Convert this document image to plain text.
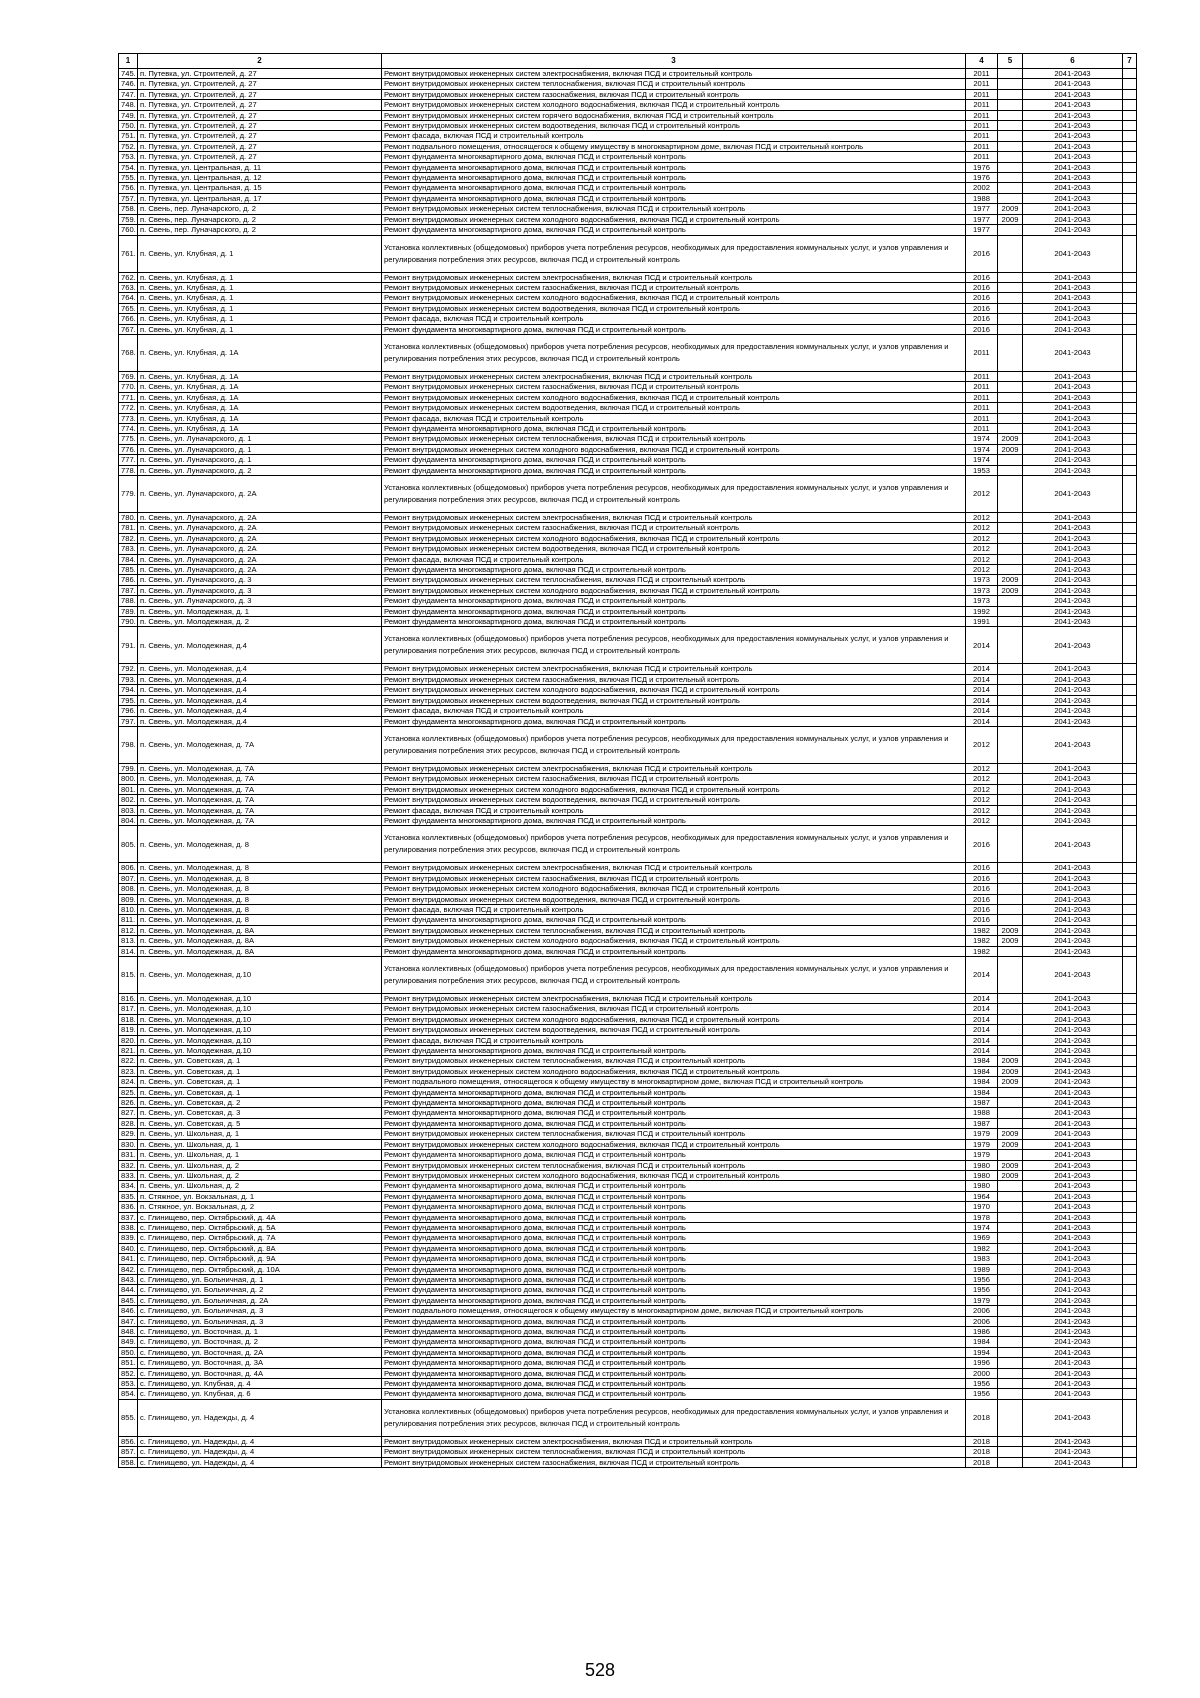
1	2	3	4	5	6	7
745.	п. Путевка, ул. Строителей, д. 27	Ремонт внутридомовых инженерных систем электроснабжения, включая ПСД и строительный контроль	2011		2041-2043	
746.	п. Путевка, ул. Строителей, д. 27	Ремонт внутридомовых инженерных систем теплоснабжения, включая ПСД и строительный контроль	2011		2041-2043	
747.	п. Путевка, ул. Строителей, д. 27	Ремонт внутридомовых инженерных систем газоснабжения, включая ПСД и строительный контроль	2011		2041-2043	
748.	п. Путевка, ул. Строителей, д. 27	Ремонт внутридомовых инженерных систем холодного водоснабжения, включая ПСД и строительный контроль	2011		2041-2043	
749.	п. Путевка, ул. Строителей, д. 27	Ремонт внутридомовых инженерных систем горячего водоснабжения, включая ПСД и строительный контроль	2011		2041-2043	
750.	п. Путевка, ул. Строителей, д. 27	Ремонт внутридомовых инженерных систем водоотведения, включая ПСД и строительный контроль	2011		2041-2043	
751.	п. Путевка, ул. Строителей, д. 27	Ремонт фасада, включая ПСД и строительный контроль	2011		2041-2043	
752.	п. Путевка, ул. Строителей, д. 27	Ремонт подвального помещения, относящегося к общему имуществу в многоквартирном доме, включая ПСД и строительный контроль	2011		2041-2043	
753.	п. Путевка, ул. Строителей, д. 27	Ремонт фундамента многоквартирного дома, включая ПСД и строительный контроль	2011		2041-2043	
754.	п. Путевка, ул. Центральная, д. 11	Ремонт фундамента многоквартирного дома, включая ПСД и строительный контроль	1976		2041-2043	
755.	п. Путевка, ул. Центральная, д. 12	Ремонт фундамента многоквартирного дома, включая ПСД и строительный контроль	1976		2041-2043	
756.	п. Путевка, ул. Центральная, д. 15	Ремонт фундамента многоквартирного дома, включая ПСД и строительный контроль	2002		2041-2043	
757.	п. Путевка, ул. Центральная, д. 17	Ремонт фундамента многоквартирного дома, включая ПСД и строительный контроль	1988		2041-2043	
758.	п. Свень, пер. Луначарского, д. 2	Ремонт внутридомовых инженерных систем теплоснабжения, включая ПСД и строительный контроль	1977	2009	2041-2043	
759.	п. Свень, пер. Луначарского, д. 2	Ремонт внутридомовых инженерных систем холодного водоснабжения, включая ПСД и строительный контроль	1977	2009	2041-2043	
760.	п. Свень, пер. Луначарского, д. 2	Ремонт фундамента многоквартирного дома, включая ПСД и строительный контроль	1977		2041-2043	
761.	п. Свень, ул. Клубная, д. 1	Установка коллективных (общедомовых) приборов учета потребления ресурсов, необходимых для предоставления коммунальных услуг, и узлов управления и регулирования потребления этих ресурсов, включая ПСД и строительный контроль	2016		2041-2043	
762.	п. Свень, ул. Клубная, д. 1	Ремонт внутридомовых инженерных систем электроснабжения, включая ПСД и строительный контроль	2016		2041-2043	
763.	п. Свень, ул. Клубная, д. 1	Ремонт внутридомовых инженерных систем газоснабжения, включая ПСД и строительный контроль	2016		2041-2043	
764.	п. Свень, ул. Клубная, д. 1	Ремонт внутридомовых инженерных систем холодного водоснабжения, включая ПСД и строительный контроль	2016		2041-2043	
765.	п. Свень, ул. Клубная, д. 1	Ремонт внутридомовых инженерных систем водоотведения, включая ПСД и строительный контроль	2016		2041-2043	
766.	п. Свень, ул. Клубная, д. 1	Ремонт фасада, включая ПСД и строительный контроль	2016		2041-2043	
767.	п. Свень, ул. Клубная, д. 1	Ремонт фундамента многоквартирного дома, включая ПСД и строительный контроль	2016		2041-2043	
768.	п. Свень, ул. Клубная, д. 1А	Установка коллективных (общедомовых) приборов учета потребления ресурсов, необходимых для предоставления коммунальных услуг, и узлов управления и регулирования потребления этих ресурсов, включая ПСД и строительный контроль	2011		2041-2043	
769.	п. Свень, ул. Клубная, д. 1А	Ремонт внутридомовых инженерных систем электроснабжения, включая ПСД и строительный контроль	2011		2041-2043	
770.	п. Свень, ул. Клубная, д. 1А	Ремонт внутридомовых инженерных систем газоснабжения, включая ПСД и строительный контроль	2011		2041-2043	
771.	п. Свень, ул. Клубная, д. 1А	Ремонт внутридомовых инженерных систем холодного водоснабжения, включая ПСД и строительный контроль	2011		2041-2043	
772.	п. Свень, ул. Клубная, д. 1А	Ремонт внутридомовых инженерных систем водоотведения, включая ПСД и строительный контроль	2011		2041-2043	
773.	п. Свень, ул. Клубная, д. 1А	Ремонт фасада, включая ПСД и строительный контроль	2011		2041-2043	
774.	п. Свень, ул. Клубная, д. 1А	Ремонт фундамента многоквартирного дома, включая ПСД и строительный контроль	2011		2041-2043	
775.	п. Свень, ул. Луначарского, д. 1	Ремонт внутридомовых инженерных систем теплоснабжения, включая ПСД и строительный контроль	1974	2009	2041-2043	
776.	п. Свень, ул. Луначарского, д. 1	Ремонт внутридомовых инженерных систем холодного водоснабжения, включая ПСД и строительный контроль	1974	2009	2041-2043	
777.	п. Свень, ул. Луначарского, д. 1	Ремонт фундамента многоквартирного дома, включая ПСД и строительный контроль	1974		2041-2043	
778.	п. Свень, ул. Луначарского, д. 2	Ремонт фундамента многоквартирного дома, включая ПСД и строительный контроль	1953		2041-2043	
779.	п. Свень, ул. Луначарского, д. 2А	Установка коллективных (общедомовых) приборов учета потребления ресурсов, необходимых для предоставления коммунальных услуг, и узлов управления и регулирования потребления этих ресурсов, включая ПСД и строительный контроль	2012		2041-2043	
780.	п. Свень, ул. Луначарского, д. 2А	Ремонт внутридомовых инженерных систем электроснабжения, включая ПСД и строительный контроль	2012		2041-2043	
781.	п. Свень, ул. Луначарского, д. 2А	Ремонт внутридомовых инженерных систем газоснабжения, включая ПСД и строительный контроль	2012		2041-2043	
782.	п. Свень, ул. Луначарского, д. 2А	Ремонт внутридомовых инженерных систем холодного водоснабжения, включая ПСД и строительный контроль	2012		2041-2043	
783.	п. Свень, ул. Луначарского, д. 2А	Ремонт внутридомовых инженерных систем водоотведения, включая ПСД и строительный контроль	2012		2041-2043	
784.	п. Свень, ул. Луначарского, д. 2А	Ремонт фасада, включая ПСД и строительный контроль	2012		2041-2043	
785.	п. Свень, ул. Луначарского, д. 2А	Ремонт фундамента многоквартирного дома, включая ПСД и строительный контроль	2012		2041-2043	
786.	п. Свень, ул. Луначарского, д. 3	Ремонт внутридомовых инженерных систем теплоснабжения, включая ПСД и строительный контроль	1973	2009	2041-2043	
787.	п. Свень, ул. Луначарского, д. 3	Ремонт внутридомовых инженерных систем холодного водоснабжения, включая ПСД и строительный контроль	1973	2009	2041-2043	
788.	п. Свень, ул. Луначарского, д. 3	Ремонт фундамента многоквартирного дома, включая ПСД и строительный контроль	1973		2041-2043	
789.	п. Свень, ул. Молодежная, д. 1	Ремонт фундамента многоквартирного дома, включая ПСД и строительный контроль	1992		2041-2043	
790.	п. Свень, ул. Молодежная, д. 2	Ремонт фундамента многоквартирного дома, включая ПСД и строительный контроль	1991		2041-2043	
791.	п. Свень, ул. Молодежная, д.4	Установка коллективных (общедомовых) приборов учета потребления ресурсов, необходимых для предоставления коммунальных услуг, и узлов управления и регулирования потребления этих ресурсов, включая ПСД и строительный контроль	2014		2041-2043	
792.	п. Свень, ул. Молодежная, д.4	Ремонт внутридомовых инженерных систем электроснабжения, включая ПСД и строительный контроль	2014		2041-2043	
793.	п. Свень, ул. Молодежная, д.4	Ремонт внутридомовых инженерных систем газоснабжения, включая ПСД и строительный контроль	2014		2041-2043	
794.	п. Свень, ул. Молодежная, д.4	Ремонт внутридомовых инженерных систем холодного водоснабжения, включая ПСД и строительный контроль	2014		2041-2043	
795.	п. Свень, ул. Молодежная, д.4	Ремонт внутридомовых инженерных систем водоотведения, включая ПСД и строительный контроль	2014		2041-2043	
796.	п. Свень, ул. Молодежная, д.4	Ремонт фасада, включая ПСД и строительный контроль	2014		2041-2043	
797.	п. Свень, ул. Молодежная, д.4	Ремонт фундамента многоквартирного дома, включая ПСД и строительный контроль	2014		2041-2043	
798.	п. Свень, ул. Молодежная, д. 7А	Установка коллективных (общедомовых) приборов учета потребления ресурсов, необходимых для предоставления коммунальных услуг, и узлов управления и регулирования потребления этих ресурсов, включая ПСД и строительный контроль	2012		2041-2043	
799.	п. Свень, ул. Молодежная, д. 7А	Ремонт внутридомовых инженерных систем электроснабжения, включая ПСД и строительный контроль	2012		2041-2043	
800.	п. Свень, ул. Молодежная, д. 7А	Ремонт внутридомовых инженерных систем газоснабжения, включая ПСД и строительный контроль	2012		2041-2043	
801.	п. Свень, ул. Молодежная, д. 7А	Ремонт внутридомовых инженерных систем холодного водоснабжения, включая ПСД и строительный контроль	2012		2041-2043	
802.	п. Свень, ул. Молодежная, д. 7А	Ремонт внутридомовых инженерных систем водоотведения, включая ПСД и строительный контроль	2012		2041-2043	
803.	п. Свень, ул. Молодежная, д. 7А	Ремонт фасада, включая ПСД и строительный контроль	2012		2041-2043	
804.	п. Свень, ул. Молодежная, д. 7А	Ремонт фундамента многоквартирного дома, включая ПСД и строительный контроль	2012		2041-2043	
805.	п. Свень, ул. Молодежная, д. 8	Установка коллективных (общедомовых) приборов учета потребления ресурсов, необходимых для предоставления коммунальных услуг, и узлов управления и регулирования потребления этих ресурсов, включая ПСД и строительный контроль	2016		2041-2043	
806.	п. Свень, ул. Молодежная, д. 8	Ремонт внутридомовых инженерных систем электроснабжения, включая ПСД и строительный контроль	2016		2041-2043	
807.	п. Свень, ул. Молодежная, д. 8	Ремонт внутридомовых инженерных систем газоснабжения, включая ПСД и строительный контроль	2016		2041-2043	
808.	п. Свень, ул. Молодежная, д. 8	Ремонт внутридомовых инженерных систем холодного водоснабжения, включая ПСД и строительный контроль	2016		2041-2043	
809.	п. Свень, ул. Молодежная, д. 8	Ремонт внутридомовых инженерных систем водоотведения, включая ПСД и строительный контроль	2016		2041-2043	
810.	п. Свень, ул. Молодежная, д. 8	Ремонт фасада, включая ПСД и строительный контроль	2016		2041-2043	
811.	п. Свень, ул. Молодежная, д. 8	Ремонт фундамента многоквартирного дома, включая ПСД и строительный контроль	2016		2041-2043	
812.	п. Свень, ул. Молодежная, д. 8А	Ремонт внутридомовых инженерных систем теплоснабжения, включая ПСД и строительный контроль	1982	2009	2041-2043	
813.	п. Свень, ул. Молодежная, д. 8А	Ремонт внутридомовых инженерных систем холодного водоснабжения, включая ПСД и строительный контроль	1982	2009	2041-2043	
814.	п. Свень, ул. Молодежная, д. 8А	Ремонт фундамента многоквартирного дома, включая ПСД и строительный контроль	1982		2041-2043	
815.	п. Свень, ул. Молодежная, д.10	Установка коллективных (общедомовых) приборов учета потребления ресурсов, необходимых для предоставления коммунальных услуг, и узлов управления и регулирования потребления этих ресурсов, включая ПСД и строительный контроль	2014		2041-2043	
816.	п. Свень, ул. Молодежная, д.10	Ремонт внутридомовых инженерных систем электроснабжения, включая ПСД и строительный контроль	2014		2041-2043	
817.	п. Свень, ул. Молодежная, д.10	Ремонт внутридомовых инженерных систем газоснабжения, включая ПСД и строительный контроль	2014		2041-2043	
818.	п. Свень, ул. Молодежная, д.10	Ремонт внутридомовых инженерных систем холодного водоснабжения, включая ПСД и строительный контроль	2014		2041-2043	
819.	п. Свень, ул. Молодежная, д.10	Ремонт внутридомовых инженерных систем водоотведения, включая ПСД и строительный контроль	2014		2041-2043	
820.	п. Свень, ул. Молодежная, д.10	Ремонт фасада, включая ПСД и строительный контроль	2014		2041-2043	
821.	п. Свень, ул. Молодежная, д.10	Ремонт фундамента многоквартирного дома, включая ПСД и строительный контроль	2014		2041-2043	
822.	п. Свень, ул. Советская, д. 1	Ремонт внутридомовых инженерных систем теплоснабжения, включая ПСД и строительный контроль	1984	2009	2041-2043	
823.	п. Свень, ул. Советская, д. 1	Ремонт внутридомовых инженерных систем холодного водоснабжения, включая ПСД и строительный контроль	1984	2009	2041-2043	
824.	п. Свень, ул. Советская, д. 1	Ремонт подвального помещения, относящегося к общему имуществу в многоквартирном доме, включая ПСД и строительный контроль	1984	2009	2041-2043	
825.	п. Свень, ул. Советская, д. 1	Ремонт фундамента многоквартирного дома, включая ПСД и строительный контроль	1984		2041-2043	
826.	п. Свень, ул. Советская, д. 2	Ремонт фундамента многоквартирного дома, включая ПСД и строительный контроль	1987		2041-2043	
827.	п. Свень, ул. Советская, д. 3	Ремонт фундамента многоквартирного дома, включая ПСД и строительный контроль	1988		2041-2043	
828.	п. Свень, ул. Советская, д. 5	Ремонт фундамента многоквартирного дома, включая ПСД и строительный контроль	1987		2041-2043	
829.	п. Свень, ул. Школьная, д. 1	Ремонт внутридомовых инженерных систем теплоснабжения, включая ПСД и строительный контроль	1979	2009	2041-2043	
830.	п. Свень, ул. Школьная, д. 1	Ремонт внутридомовых инженерных систем холодного водоснабжения, включая ПСД и строительный контроль	1979	2009	2041-2043	
831.	п. Свень, ул. Школьная, д. 1	Ремонт фундамента многоквартирного дома, включая ПСД и строительный контроль	1979		2041-2043	
832.	п. Свень, ул. Школьная, д. 2	Ремонт внутридомовых инженерных систем теплоснабжения, включая ПСД и строительный контроль	1980	2009	2041-2043	
833.	п. Свень, ул. Школьная, д. 2	Ремонт внутридомовых инженерных систем холодного водоснабжения, включая ПСД и строительный контроль	1980	2009	2041-2043	
834.	п. Свень, ул. Школьная, д. 2	Ремонт фундамента многоквартирного дома, включая ПСД и строительный контроль	1980		2041-2043	
835.	п. Стяжное, ул. Вокзальная, д. 1	Ремонт фундамента многоквартирного дома, включая ПСД и строительный контроль	1964		2041-2043	
836.	п. Стяжное, ул. Вокзальная, д. 2	Ремонт фундамента многоквартирного дома, включая ПСД и строительный контроль	1970		2041-2043	
837.	с. Глинищево, пер. Октябрьский, д. 4А	Ремонт фундамента многоквартирного дома, включая ПСД и строительный контроль	1978		2041-2043	
838.	с. Глинищево, пер. Октябрьский, д. 5А	Ремонт фундамента многоквартирного дома, включая ПСД и строительный контроль	1974		2041-2043	
839.	с. Глинищево, пер. Октябрьский, д. 7А	Ремонт фундамента многоквартирного дома, включая ПСД и строительный контроль	1969		2041-2043	
840.	с. Глинищево, пер. Октябрьский, д. 8А	Ремонт фундамента многоквартирного дома, включая ПСД и строительный контроль	1982		2041-2043	
841.	с. Глинищево, пер. Октябрьский, д. 9А	Ремонт фундамента многоквартирного дома, включая ПСД и строительный контроль	1983		2041-2043	
842.	с. Глинищево, пер. Октябрьский, д. 10А	Ремонт фундамента многоквартирного дома, включая ПСД и строительный контроль	1989		2041-2043	
843.	с. Глинищево, ул. Больничная, д. 1	Ремонт фундамента многоквартирного дома, включая ПСД и строительный контроль	1956		2041-2043	
844.	с. Глинищево, ул. Больничная, д. 2	Ремонт фундамента многоквартирного дома, включая ПСД и строительный контроль	1956		2041-2043	
845.	с. Глинищево, ул. Больничная, д. 2А	Ремонт фундамента многоквартирного дома, включая ПСД и строительный контроль	1979		2041-2043	
846.	с. Глинищево, ул. Больничная, д. 3	Ремонт подвального помещения, относящегося к общему имуществу в многоквартирном доме, включая ПСД и строительный контроль	2006		2041-2043	
847.	с. Глинищево, ул. Больничная, д. 3	Ремонт фундамента многоквартирного дома, включая ПСД и строительный контроль	2006		2041-2043	
848.	с. Глинищево, ул. Восточная, д. 1	Ремонт фундамента многоквартирного дома, включая ПСД и строительный контроль	1986		2041-2043	
849.	с. Глинищево, ул. Восточная, д. 2	Ремонт фундамента многоквартирного дома, включая ПСД и строительный контроль	1984		2041-2043	
850.	с. Глинищево, ул. Восточная, д. 2А	Ремонт фундамента многоквартирного дома, включая ПСД и строительный контроль	1994		2041-2043	
851.	с. Глинищево, ул. Восточная, д. 3А	Ремонт фундамента многоквартирного дома, включая ПСД и строительный контроль	1996		2041-2043	
852.	с. Глинищево, ул. Восточная, д. 4А	Ремонт фундамента многоквартирного дома, включая ПСД и строительный контроль	2000		2041-2043	
853.	с. Глинищево, ул. Клубная, д. 4	Ремонт фундамента многоквартирного дома, включая ПСД и строительный контроль	1956		2041-2043	
854.	с. Глинищево, ул. Клубная, д. 6	Ремонт фундамента многоквартирного дома, включая ПСД и строительный контроль	1956		2041-2043	
855.	с. Глинищево, ул. Надежды, д. 4	Установка коллективных (общедомовых) приборов учета потребления ресурсов, необходимых для предоставления коммунальных услуг, и узлов управления и регулирования потребления этих ресурсов, включая ПСД и строительный контроль	2018		2041-2043	
856.	с. Глинищево, ул. Надежды, д. 4	Ремонт внутридомовых инженерных систем электроснабжения, включая ПСД и строительный контроль	2018		2041-2043	
857.	с. Глинищево, ул. Надежды, д. 4	Ремонт внутридомовых инженерных систем теплоснабжения, включая ПСД и строительный контроль	2018		2041-2043	
858.	с. Глинищево, ул. Надежды, д. 4	Ремонт внутридомовых инженерных систем газоснабжения, включая ПСД и строительный контроль	2018		2041-2043	
528
